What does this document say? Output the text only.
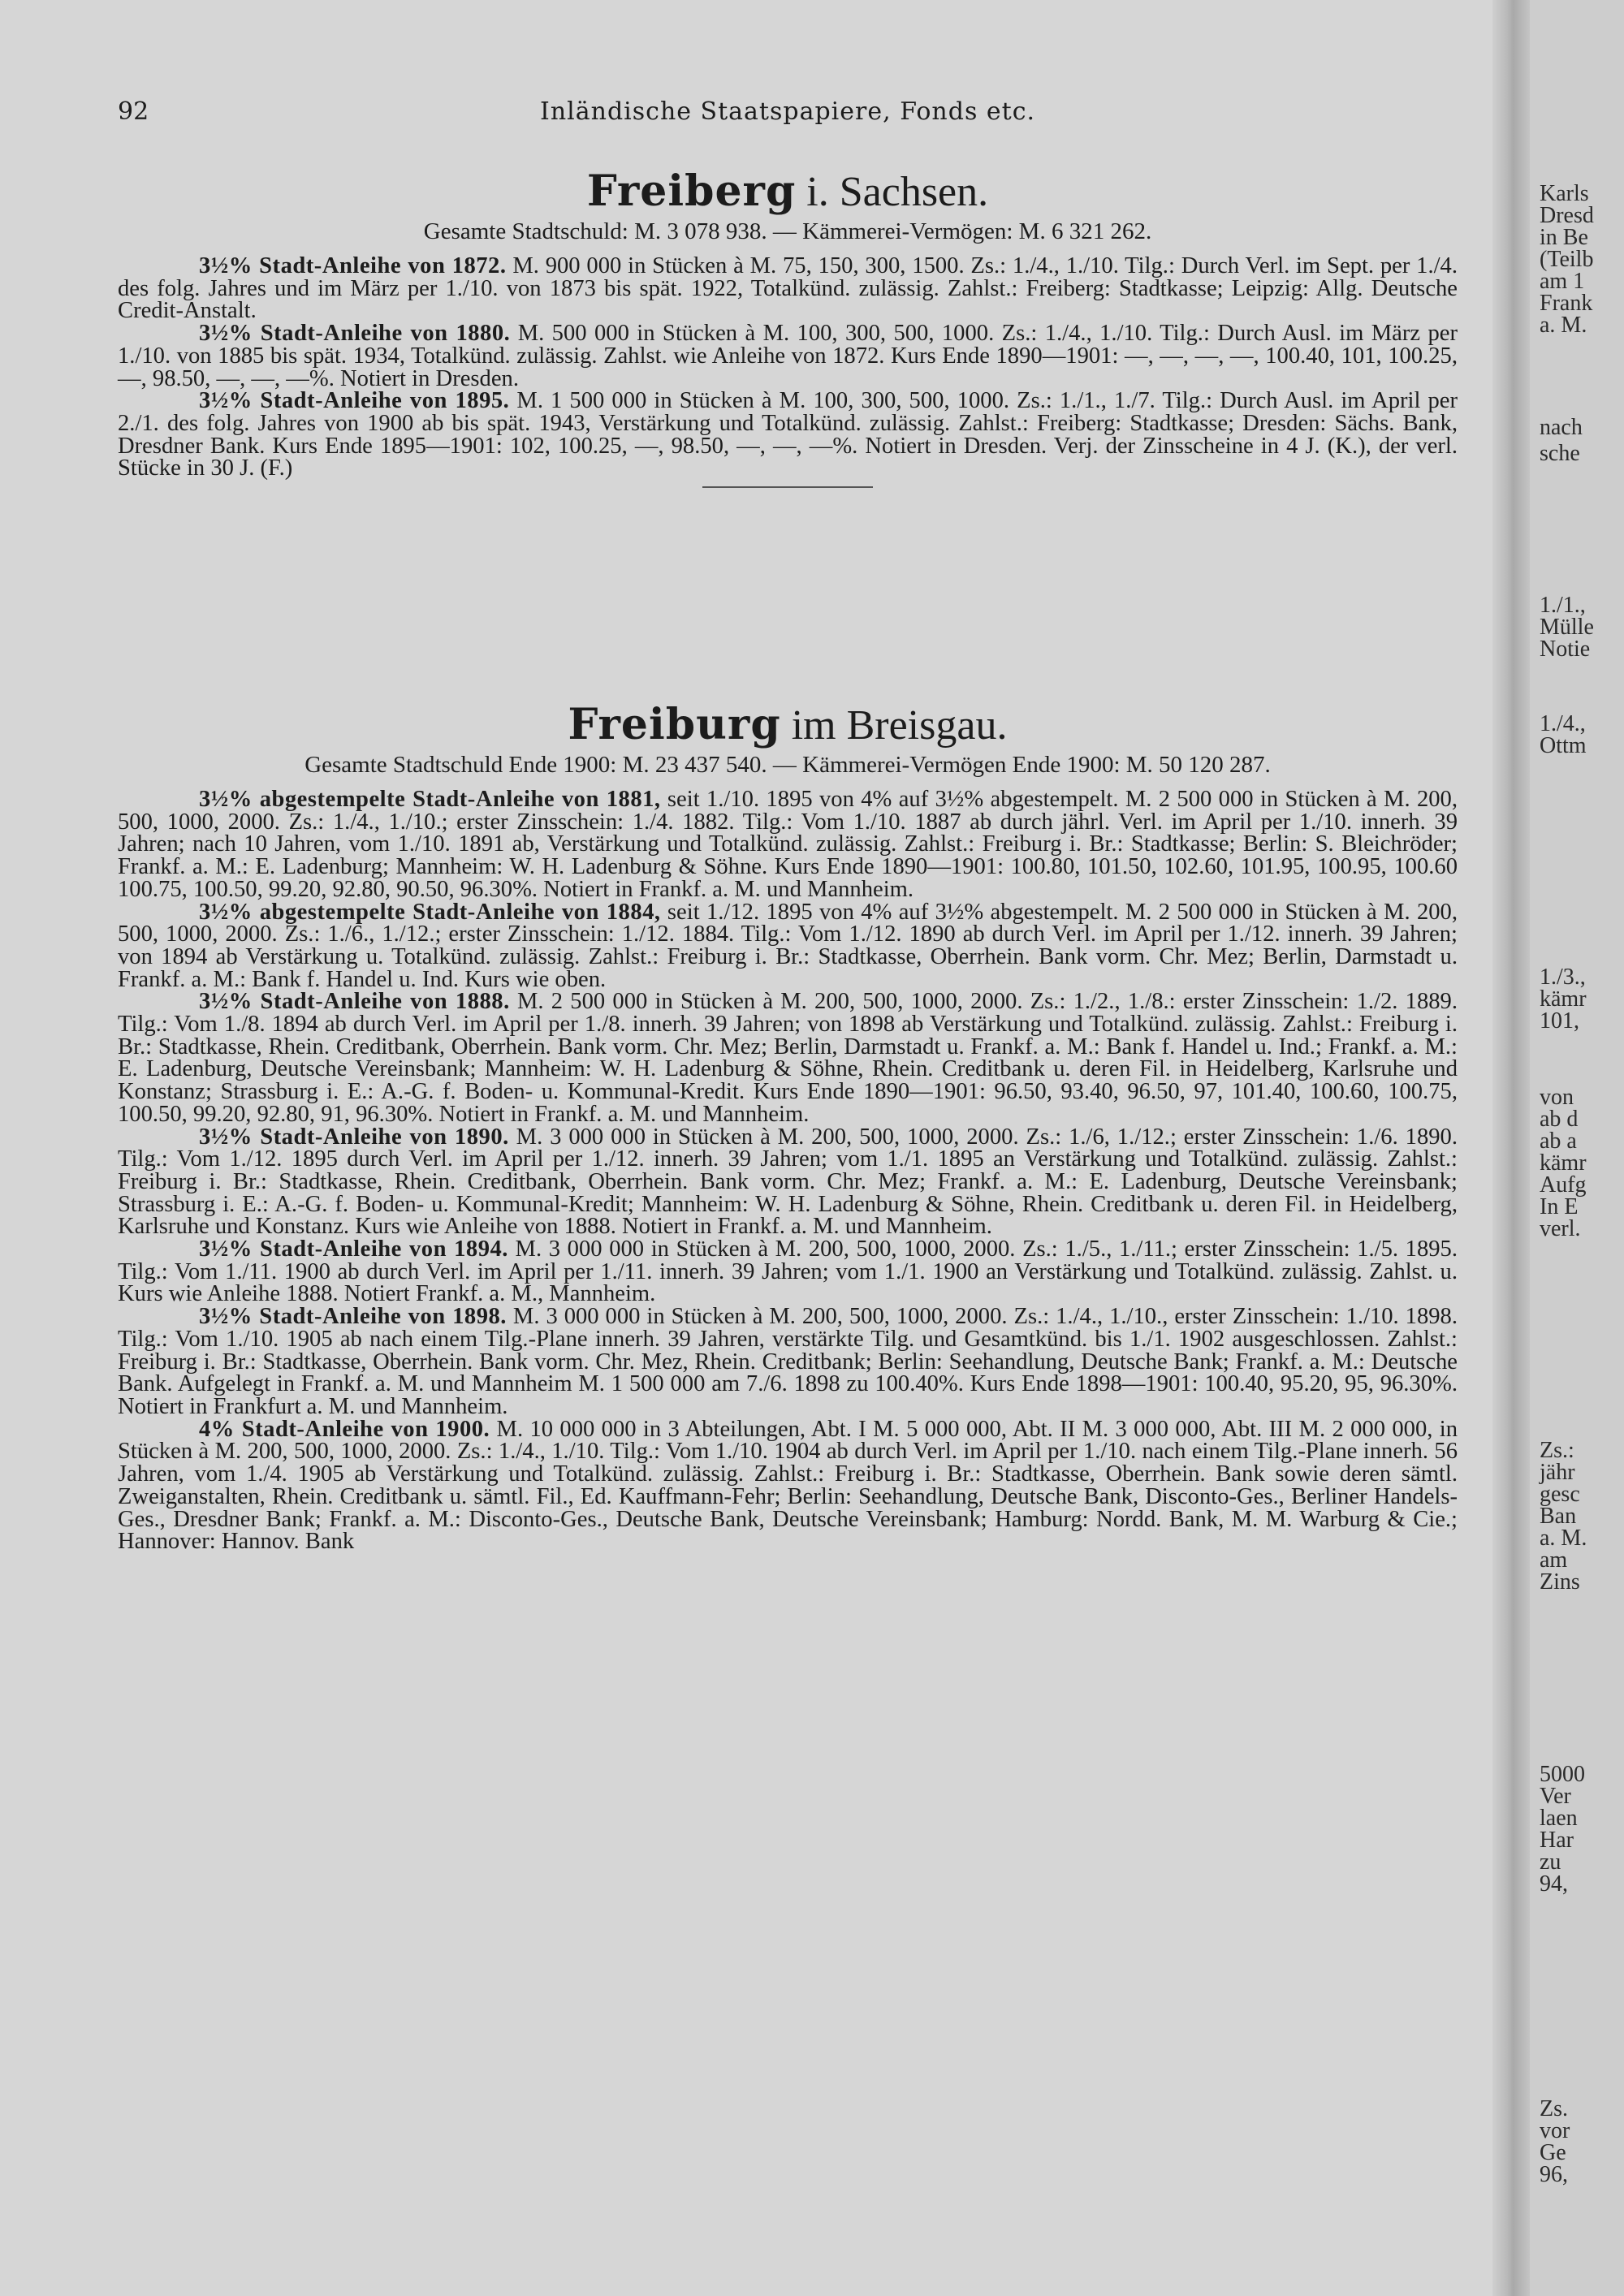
92	Inländische Staatspapiere, Fonds etc.
Freiberg i. Sachsen.

Gesamte Stadtschuld: M. 3 078 938. — Kämmerei-Vermögen: M. 6 321 262.

3½% Stadt-Anleihe von 1872. M. 900 000 in Stücken à M. 75, 150, 300, 1500. Zs.: 1./4., 1./10. Tilg.: Durch Verl. im Sept. per 1./4. des folg. Jahres und im März per 1./10. von 1873 bis spät. 1922, Totalkünd. zulässig. Zahlst.: Freiberg: Stadtkasse; Leipzig: Allg. Deutsche Credit-Anstalt.

3½% Stadt-Anleihe von 1880. M. 500 000 in Stücken à M. 100, 300, 500, 1000. Zs.: 1./4., 1./10. Tilg.: Durch Ausl. im März per 1./10. von 1885 bis spät. 1934, Totalkünd. zulässig. Zahlst. wie Anleihe von 1872. Kurs Ende 1890—1901: —, —, —, —, 100.40, 101, 100.25, —, 98.50, —, —, —%. Notiert in Dresden.

3½% Stadt-Anleihe von 1895. M. 1 500 000 in Stücken à M. 100, 300, 500, 1000. Zs.: 1./1., 1./7. Tilg.: Durch Ausl. im April per 2./1. des folg. Jahres von 1900 ab bis spät. 1943, Verstärkung und Totalkünd. zulässig. Zahlst.: Freiberg: Stadtkasse; Dresden: Sächs. Bank, Dresdner Bank. Kurs Ende 1895—1901: 102, 100.25, —, 98.50, —, —, —%. Notiert in Dresden. Verj. der Zinsscheine in 4 J. (K.), der verl. Stücke in 30 J. (F.)

Freiburg im Breisgau.

Gesamte Stadtschuld Ende 1900: M. 23 437 540. — Kämmerei-Vermögen Ende 1900: M. 50 120 287.

3½% abgestempelte Stadt-Anleihe von 1881, seit 1./10. 1895 von 4% auf 3½% abgestempelt. M. 2 500 000 in Stücken à M. 200, 500, 1000, 2000. Zs.: 1./4., 1./10.; erster Zinsschein: 1./4. 1882. Tilg.: Vom 1./10. 1887 ab durch jährl. Verl. im April per 1./10. innerh. 39 Jahren; nach 10 Jahren, vom 1./10. 1891 ab, Verstärkung und Totalkünd. zulässig. Zahlst.: Freiburg i. Br.: Stadtkasse; Berlin: S. Bleichröder; Frankf. a. M.: E. Ladenburg; Mannheim: W. H. Ladenburg & Söhne. Kurs Ende 1890—1901: 100.80, 101.50, 102.60, 101.95, 100.95, 100.60 100.75, 100.50, 99.20, 92.80, 90.50, 96.30%. Notiert in Frankf. a. M. und Mannheim.

3½% abgestempelte Stadt-Anleihe von 1884, seit 1./12. 1895 von 4% auf 3½% abgestempelt. M. 2 500 000 in Stücken à M. 200, 500, 1000, 2000. Zs.: 1./6., 1./12.; erster Zinsschein: 1./12. 1884. Tilg.: Vom 1./12. 1890 ab durch Verl. im April per 1./12. innerh. 39 Jahren; von 1894 ab Verstärkung u. Totalkünd. zulässig. Zahlst.: Freiburg i. Br.: Stadtkasse, Oberrhein. Bank vorm. Chr. Mez; Berlin, Darmstadt u. Frankf. a. M.: Bank f. Handel u. Ind. Kurs wie oben.

3½% Stadt-Anleihe von 1888. M. 2 500 000 in Stücken à M. 200, 500, 1000, 2000. Zs.: 1./2., 1./8.: erster Zinsschein: 1./2. 1889. Tilg.: Vom 1./8. 1894 ab durch Verl. im April per 1./8. innerh. 39 Jahren; von 1898 ab Verstärkung und Totalkünd. zulässig. Zahlst.: Freiburg i. Br.: Stadtkasse, Rhein. Creditbank, Oberrhein. Bank vorm. Chr. Mez; Berlin, Darmstadt u. Frankf. a. M.: Bank f. Handel u. Ind.; Frankf. a. M.: E. Ladenburg, Deutsche Vereinsbank; Mannheim: W. H. Ladenburg & Söhne, Rhein. Creditbank u. deren Fil. in Heidelberg, Karlsruhe und Konstanz; Strassburg i. E.: A.-G. f. Boden- u. Kommunal-Kredit. Kurs Ende 1890—1901: 96.50, 93.40, 96.50, 97, 101.40, 100.60, 100.75, 100.50, 99.20, 92.80, 91, 96.30%. Notiert in Frankf. a. M. und Mannheim.

3½% Stadt-Anleihe von 1890. M. 3 000 000 in Stücken à M. 200, 500, 1000, 2000. Zs.: 1./6, 1./12.; erster Zinsschein: 1./6. 1890. Tilg.: Vom 1./12. 1895 durch Verl. im April per 1./12. innerh. 39 Jahren; vom 1./1. 1895 an Verstärkung und Totalkünd. zulässig. Zahlst.: Freiburg i. Br.: Stadtkasse, Rhein. Creditbank, Oberrhein. Bank vorm. Chr. Mez; Frankf. a. M.: E. Ladenburg, Deutsche Vereinsbank; Strassburg i. E.: A.-G. f. Boden- u. Kommunal-Kredit; Mannheim: W. H. Ladenburg & Söhne, Rhein. Creditbank u. deren Fil. in Heidelberg, Karlsruhe und Konstanz. Kurs wie Anleihe von 1888. Notiert in Frankf. a. M. und Mannheim.

3½% Stadt-Anleihe von 1894. M. 3 000 000 in Stücken à M. 200, 500, 1000, 2000. Zs.: 1./5., 1./11.; erster Zinsschein: 1./5. 1895. Tilg.: Vom 1./11. 1900 ab durch Verl. im April per 1./11. innerh. 39 Jahren; vom 1./1. 1900 an Verstärkung und Totalkünd. zulässig. Zahlst. u. Kurs wie Anleihe 1888. Notiert Frankf. a. M., Mannheim.

3½% Stadt-Anleihe von 1898. M. 3 000 000 in Stücken à M. 200, 500, 1000, 2000. Zs.: 1./4., 1./10., erster Zinsschein: 1./10. 1898. Tilg.: Vom 1./10. 1905 ab nach einem Tilg.-Plane innerh. 39 Jahren, verstärkte Tilg. und Gesamtkünd. bis 1./1. 1902 ausgeschlossen. Zahlst.: Freiburg i. Br.: Stadtkasse, Oberrhein. Bank vorm. Chr. Mez, Rhein. Creditbank; Berlin: Seehandlung, Deutsche Bank; Frankf. a. M.: Deutsche Bank. Aufgelegt in Frankf. a. M. und Mannheim M. 1 500 000 am 7./6. 1898 zu 100.40%. Kurs Ende 1898—1901: 100.40, 95.20, 95, 96.30%. Notiert in Frankfurt a. M. und Mannheim.

4% Stadt-Anleihe von 1900. M. 10 000 000 in 3 Abteilungen, Abt. I M. 5 000 000, Abt. II M. 3 000 000, Abt. III M. 2 000 000, in Stücken à M. 200, 500, 1000, 2000. Zs.: 1./4., 1./10. Tilg.: Vom 1./10. 1904 ab durch Verl. im April per 1./10. nach einem Tilg.-Plane innerh. 56 Jahren, vom 1./4. 1905 ab Verstärkung und Totalkünd. zulässig. Zahlst.: Freiburg i. Br.: Stadtkasse, Oberrhein. Bank sowie deren sämtl. Zweiganstalten, Rhein. Creditbank u. sämtl. Fil., Ed. Kauffmann-Fehr; Berlin: Seehandlung, Deutsche Bank, Disconto-Ges., Berliner Handels-Ges., Dresdner Bank; Frankf. a. M.: Disconto-Ges., Deutsche Bank, Deutsche Vereinsbank; Hamburg: Nordd. Bank, M. M. Warburg & Cie.; Hannover: Hannov. Bank

Karls
Dresd
in Be
(Teilb
am 1
Frank
a. M.
nach
sche
1./1.,
Mülle
Notie
1./4.,
Ottm
1./3.,
kämr
101,
von
ab d
ab a
kämr
Aufg
In E
verl.
Zs.:
jähr
gesc
Ban
a. M.
am
Zins
5000
Ver
laen
Har
zu
94,
Zs.
vor
Ge
96,
